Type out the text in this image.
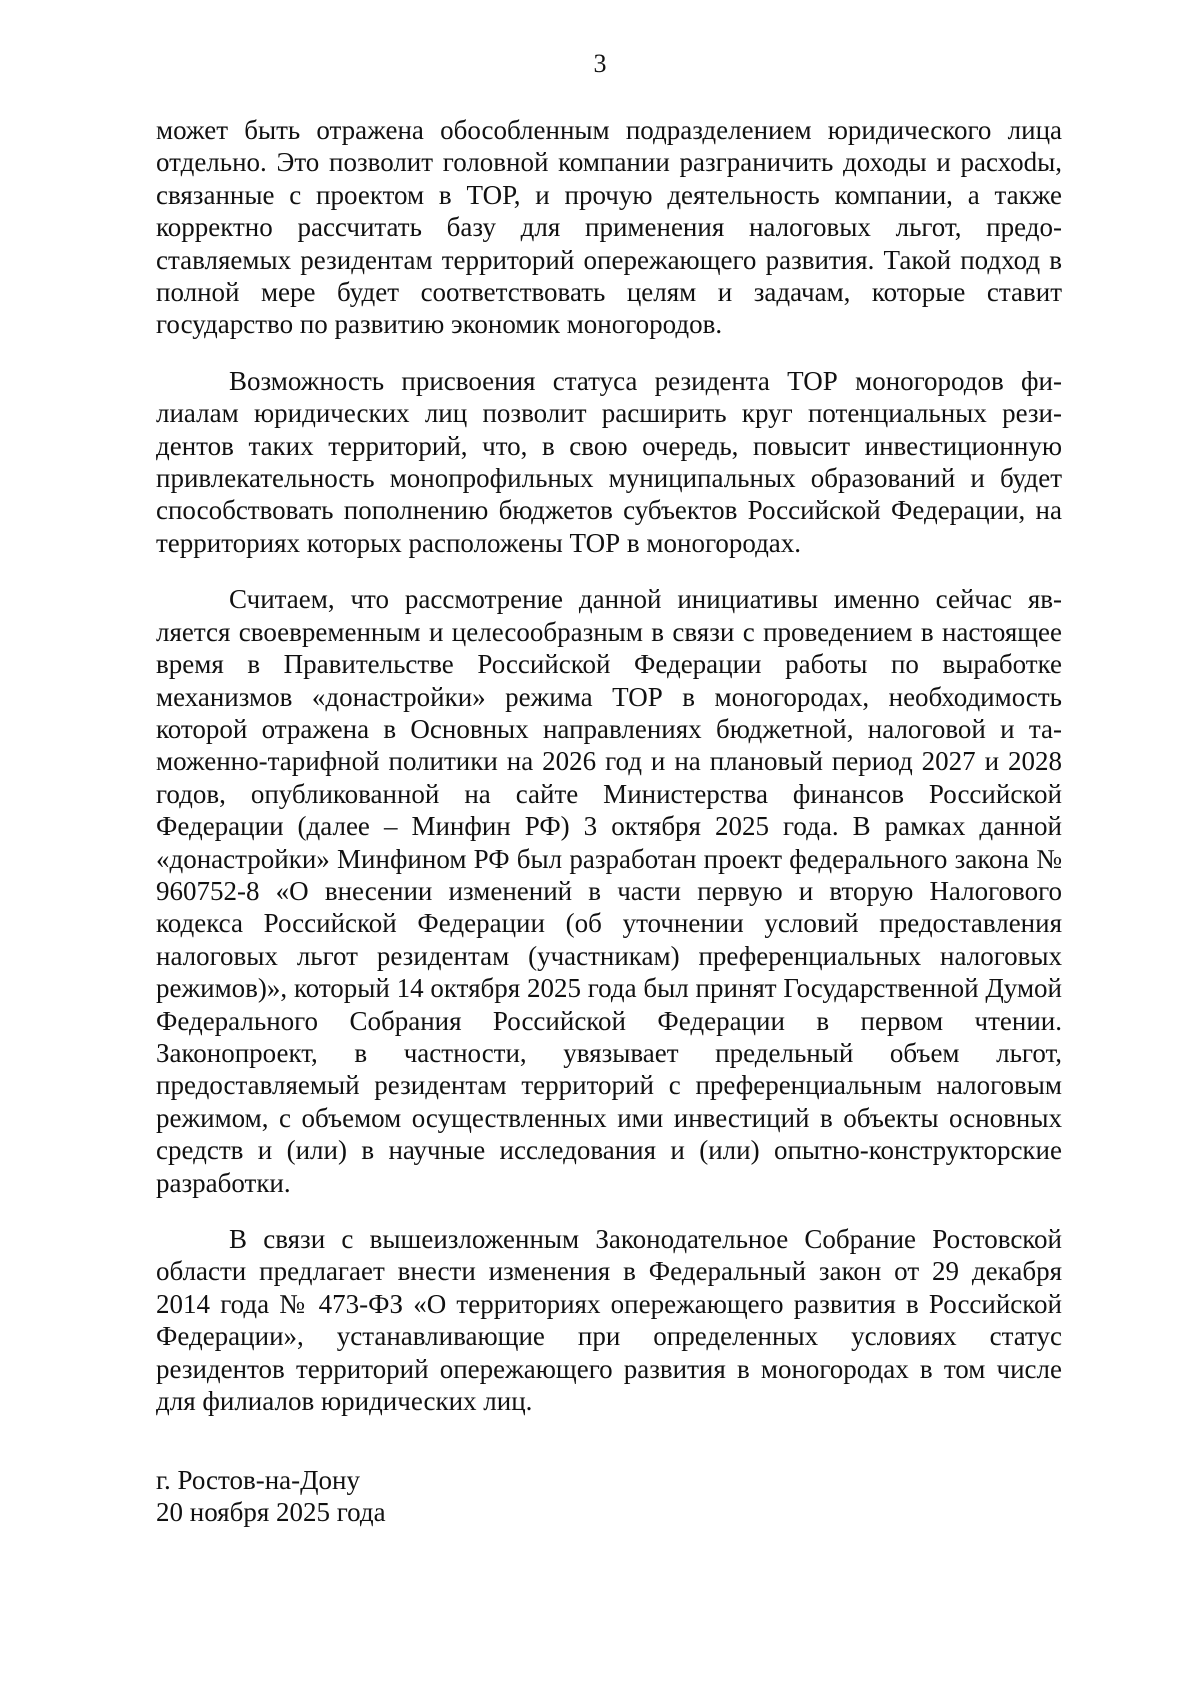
3

может быть отражена обособленным подразделением юридического лица отдельно. Это позволит головной компании разграничить доходы и расхоdы, связанные с проектом в ТОР, и прочую деятельность компании, а также корректно рассчитать базу для применения налоговых льгот, предоставляемых резидентам территорий опережающего развития. Такой подход в полной мере будет соответствовать целям и задачам, которые ставит государство по развитию экономик моногородов.

Возможность присвоения статуса резидента ТОР моногородов филиалам юридических лиц позволит расширить круг потенциальных резидентов таких территорий, что, в свою очередь, повысит инвестиционную привлекательность монопрофильных муниципальных образований и будет способствовать пополнению бюджетов субъектов Российской Федерации, на территориях которых расположены ТОР в моногородах.

Считаем, что рассмотрение данной инициативы именно сейчас является своевременным и целесообразным в связи с проведением в настоящее время в Правительстве Российской Федерации работы по выработке механизмов «донастройки» режима ТОР в моногородах, необходимость которой отражена в Основных направлениях бюджетной, налоговой и таможенно-тарифной политики на 2026 год и на плановый период 2027 и 2028 годов, опубликованной на сайте Министерства финансов Российской Федерации (далее – Минфин РФ) 3 октября 2025 года. В рамках данной «донастройки» Минфином РФ был разработан проект федерального закона № 960752-8 «О внесении изменений в части первую и вторую Налогового кодекса Российской Федерации (об уточнении условий предоставления налоговых льгот резидентам (участникам) преференциальных налоговых режимов)», который 14 октября 2025 года был принят Государственной Думой Федерального Собрания Российской Федерации в первом чтении. Законопроект, в частности, увязывает предельный объем льгот, предоставляемый резидентам территорий с преференциальным налоговым режимом, с объемом осуществленных ими инвестиций в объекты основных средств и (или) в научные исследования и (или) опытно-конструкторские разработки.

В связи с вышеизложенным Законодательное Собрание Ростовской области предлагает внести изменения в Федеральный закон от 29 декабря 2014 года № 473-ФЗ «О территориях опережающего развития в Российской Федерации», устанавливающие при определенных условиях статус резидентов территорий опережающего развития в моногородах в том числе для филиалов юридических лиц.

г. Ростов-на-Дону
20 ноября 2025 года
